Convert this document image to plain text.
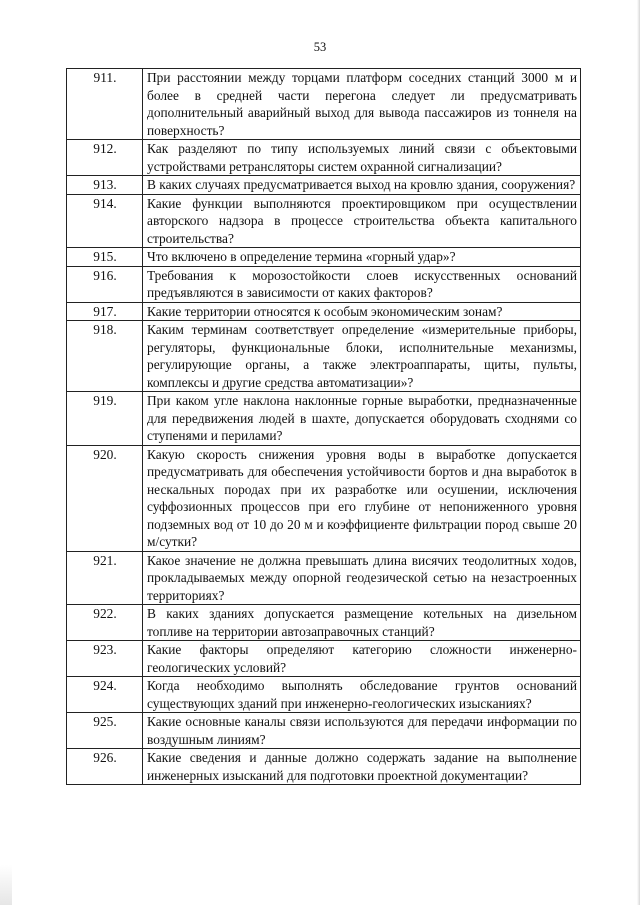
53
911.	При расстоянии между торцами платформ соседних станций 3000 м и более в средней части перегона следует ли предусматривать дополнительный аварийный выход для вывода пассажиров из тоннеля на поверхность?
912.	Как разделяют по типу используемых линий связи с объектовыми устройствами ретрансляторы систем охранной сигнализации?
913.	В каких случаях предусматривается выход на кровлю здания, сооружения?
914.	Какие функции выполняются проектировщиком при осуществлении авторского надзора в процессе строительства объекта капитального строительства?
915.	Что включено в определение термина «горный удар»?
916.	Требования к морозостойкости слоев искусственных оснований предъявляются в зависимости от каких факторов?
917.	Какие территории относятся к особым экономическим зонам?
918.	Каким терминам соответствует определение «измерительные приборы, регуляторы, функциональные блоки, исполнительные механизмы, регулирующие органы, а также электроаппараты, щиты, пульты, комплексы и другие средства автоматизации»?
919.	При каком угле наклона наклонные горные выработки, предназначенные для передвижения людей в шахте, допускается оборудовать сходнями со ступенями и перилами?
920.	Какую скорость снижения уровня воды в выработке допускается предусматривать для обеспечения устойчивости бортов и дна выработок в нескальных породах при их разработке или осушении, исключения суффозионных процессов при его глубине от непониженного уровня подземных вод от 10 до 20 м и коэффициенте фильтрации пород свыше 20 м/сутки?
921.	Какое значение не должна превышать длина висячих теодолитных ходов, прокладываемых между опорной геодезической сетью на незастроенных территориях?
922.	В каких зданиях допускается размещение котельных на дизельном топливе на территории автозаправочных станций?
923.	Какие факторы определяют категорию сложности инженерно-геологических условий?
924.	Когда необходимо выполнять обследование грунтов оснований существующих зданий при инженерно-геологических изысканиях?
925.	Какие основные каналы связи используются для передачи информации по воздушным линиям?
926.	Какие сведения и данные должно содержать задание на выполнение инженерных изысканий для подготовки проектной документации?
